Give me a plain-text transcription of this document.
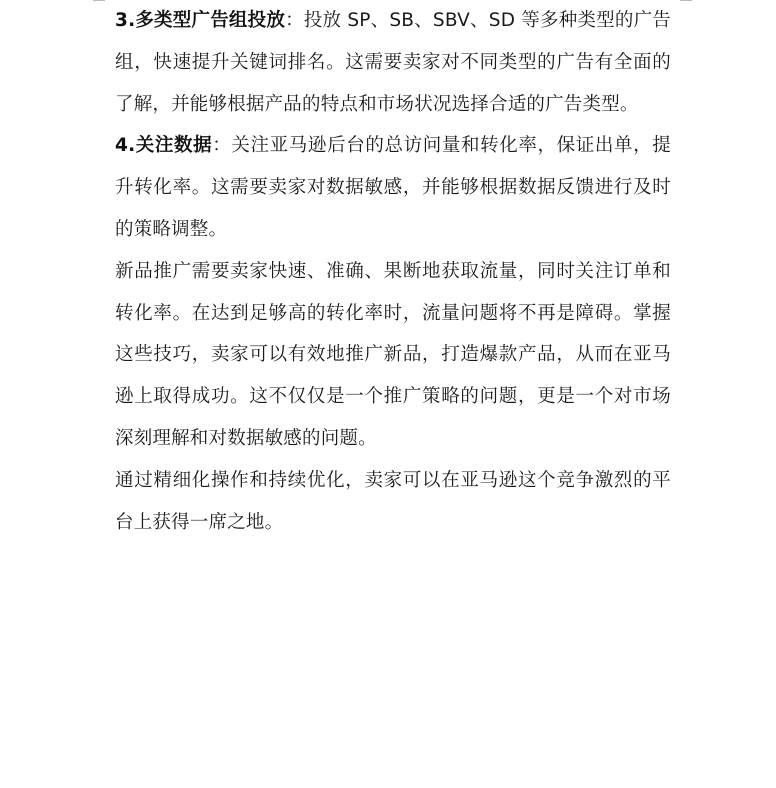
3.多类型广告组投放：投放 SP、SB、SBV、SD 等多种类型的广告组，快速提升关键词排名。这需要卖家对不同类型的广告有全面的了解，并能够根据产品的特点和市场状况选择合适的广告类型。

4.关注数据：关注亚马逊后台的总访问量和转化率，保证出单，提升转化率。这需要卖家对数据敏感，并能够根据数据反馈进行及时的策略调整。

新品推广需要卖家快速、准确、果断地获取流量，同时关注订单和转化率。在达到足够高的转化率时，流量问题将不再是障碍。掌握这些技巧，卖家可以有效地推广新品，打造爆款产品，从而在亚马逊上取得成功。这不仅仅是一个推广策略的问题，更是一个对市场深刻理解和对数据敏感的问题。

通过精细化操作和持续优化，卖家可以在亚马逊这个竞争激烈的平台上获得一席之地。
